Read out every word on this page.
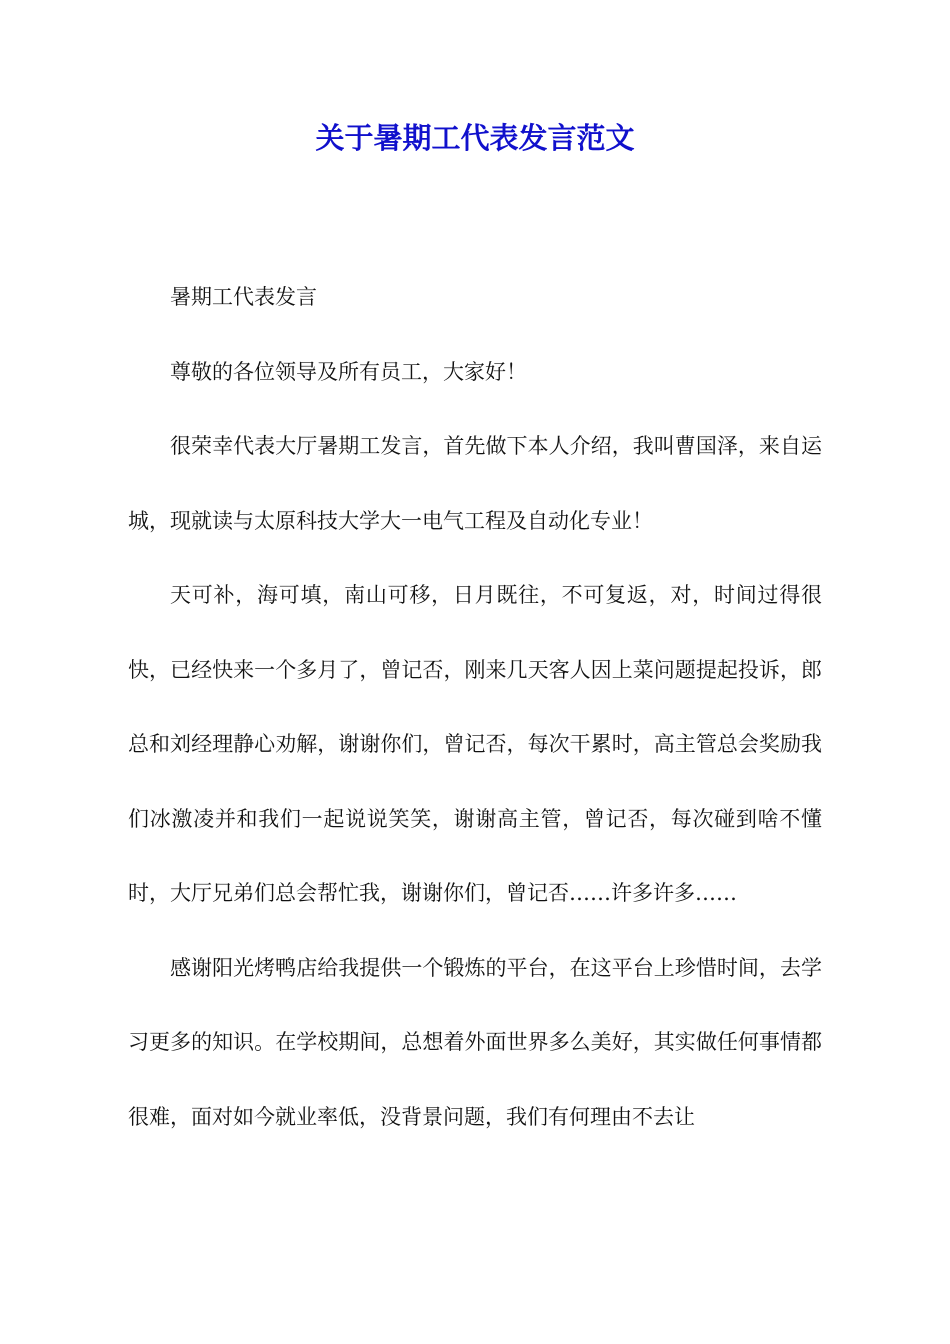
关于暑期工代表发言范文

暑期工代表发言

尊敬的各位领导及所有员工，大家好！

很荣幸代表大厅暑期工发言，首先做下本人介绍，我叫曹国泽，来自运城，现就读与太原科技大学大一电气工程及自动化专业！

天可补，海可填，南山可移，日月既往，不可复返，对，时间过得很快，已经快来一个多月了，曾记否，刚来几天客人因上菜问题提起投诉，郎总和刘经理静心劝解，谢谢你们，曾记否，每次干累时，高主管总会奖励我们冰激凌并和我们一起说说笑笑，谢谢高主管，曾记否，每次碰到啥不懂时，大厅兄弟们总会帮忙我，谢谢你们，曾记否……许多许多……

感谢阳光烤鸭店给我提供一个锻炼的平台，在这平台上珍惜时间，去学习更多的知识。在学校期间，总想着外面世界多么美好，其实做任何事情都很难，面对如今就业率低，没背景问题，我们有何理由不去让
